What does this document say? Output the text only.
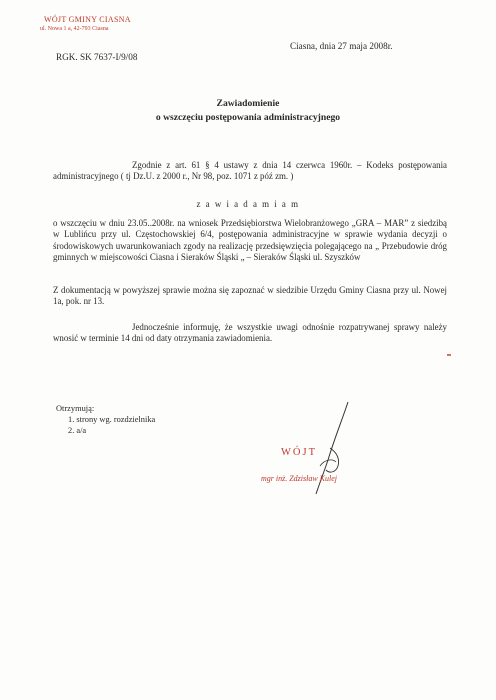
WÓJT GMINY CIASNA
ul. Nowa 1 a, 42-793 Ciasna
Ciasna, dnia 27 maja 2008r.
RGK. SK 7637-I/9/08
Zawiadomienie
o wszczęciu postępowania administracyjnego
Zgodnie z art. 61 § 4 ustawy z dnia 14 czerwca 1960r. – Kodeks postępowania administracyjnego ( tj Dz.U. z 2000 r., Nr 98, poz. 1071 z póź zm. )
z a w i a d a m i a m
o wszczęciu w dniu 23.05..2008r. na wniosek Przedsiębiorstwa Wielobranżowego „GRA – MAR” z siedzibą w Lublińcu przy ul. Częstochowskiej 6/4, postępowania administracyjne w sprawie wydania decyzji o środowiskowych uwarunkowaniach zgody na realizację przedsięwzięcia polegającego na „ Przebudowie dróg gminnych w miejscowości Ciasna i Sieraków Śląski „ – Sieraków Śląski ul. Szyszków
Z dokumentacją w powyższej sprawie można się zapoznać w siedzibie Urzędu Gminy Ciasna przy ul. Nowej 1a, pok. nr 13.
Jednocześnie informuję, że wszystkie uwagi odnośnie rozpatrywanej sprawy należy wnosić w terminie 14 dni od daty otrzymania zawiadomienia.
Otrzymują:
1. strony wg. rozdzielnika
2. a/a
WÓJT
mgr inż. Zdzisław Kulej
